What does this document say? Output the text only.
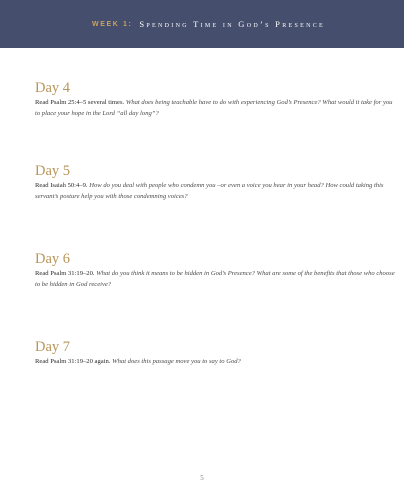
WEEK 1: Spending Time in God’s Presence
Day 4

Read Psalm 25:4–5 several times. What does being teachable have to do with experiencing God’s Presence? What would it take for you to place your hope in the Lord “all day long”?

Day 5

Read Isaiah 50:4–9. How do you deal with people who condemn you –or even a voice you hear in your head? How could taking this servant’s posture help you with those condemning voices?

Day 6

Read Psalm 31:19–20. What do you think it means to be hidden in God’s Presence? What are some of the benefits that those who choose to be hidden in God receive?

Day 7

Read Psalm 31:19–20 again. What does this passage move you to say to God?

5
